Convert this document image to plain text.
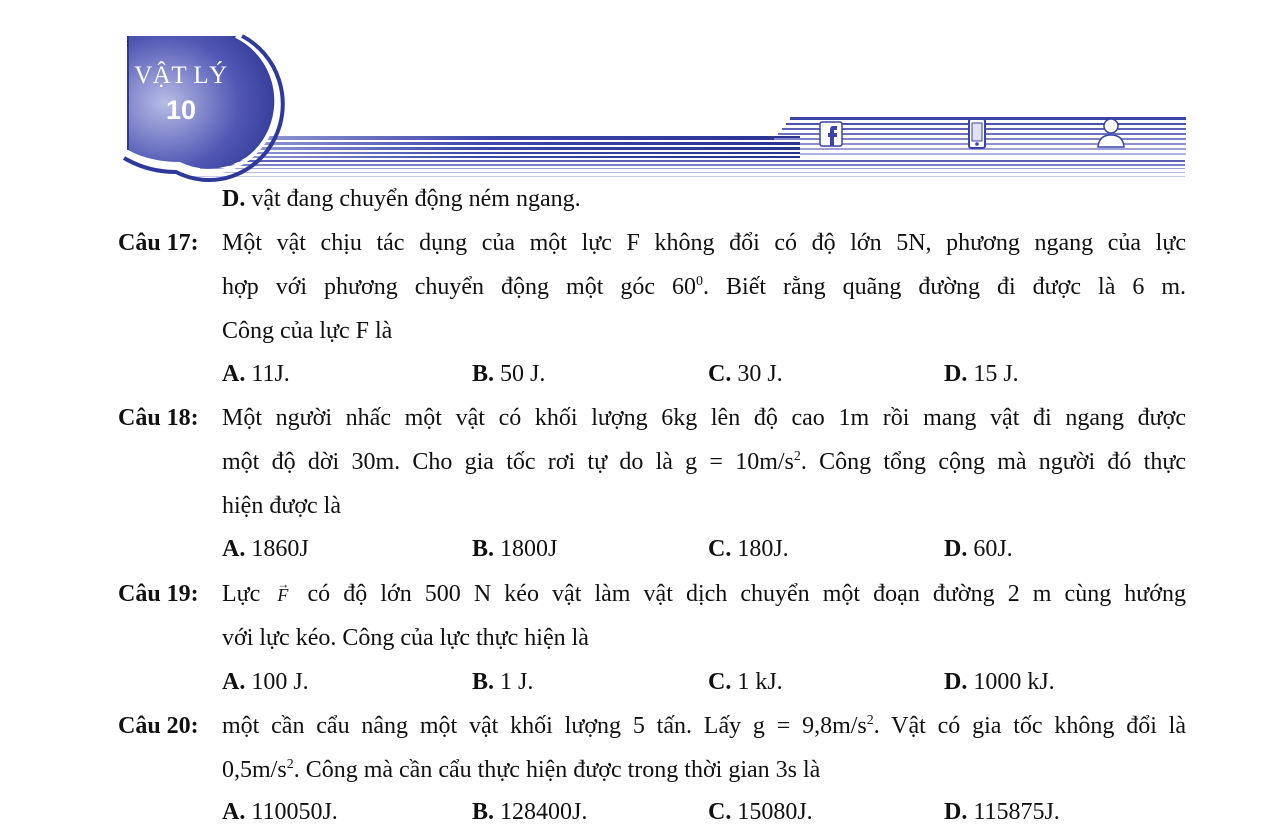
:
VẬT LÝ
10
D. vật đang chuyển động ném ngang.
Câu 17: Một vật chịu tác dụng của một lực F không đổi có độ lớn 5N, phương ngang của lực
hợp với phương chuyển động một góc $60^0$. Biết rằng quãng đường đi được là 6 m.
Công của lực F là
A. 11J.	B. 50 J.	C. 30 J.	D. 15 J.
Câu 18: Một người nhấc một vật có khối lượng 6kg lên độ cao 1m rồi mang vật đi ngang được
một độ dời 30m. Cho gia tốc rơi tự do là $g = 10m/s^2$. Công tổng cộng mà người đó thực
hiện được là
A. 1860J	B. 1800J	C. 180J.	D. 60J.
Câu 19: Lực → F có độ lớn 500 N kéo vật làm vật dịch chuyển một đoạn đường 2 m cùng hướng
với lực kéo. Công của lực thực hiện là
A. 100 J.	B. 1 J.	C. 1 kJ.	D. 1000 kJ.
Câu 20: một cần cẩu nâng một vật khối lượng 5 tấn. Lấy $g = 9,8m/s^2$. Vật có gia tốc không đổi là
$0,5m/s^2$. Công mà cần cẩu thực hiện được trong thời gian 3s là
A. 110050J.	B. 128400J.	C. 15080J.	D. 115875J.
